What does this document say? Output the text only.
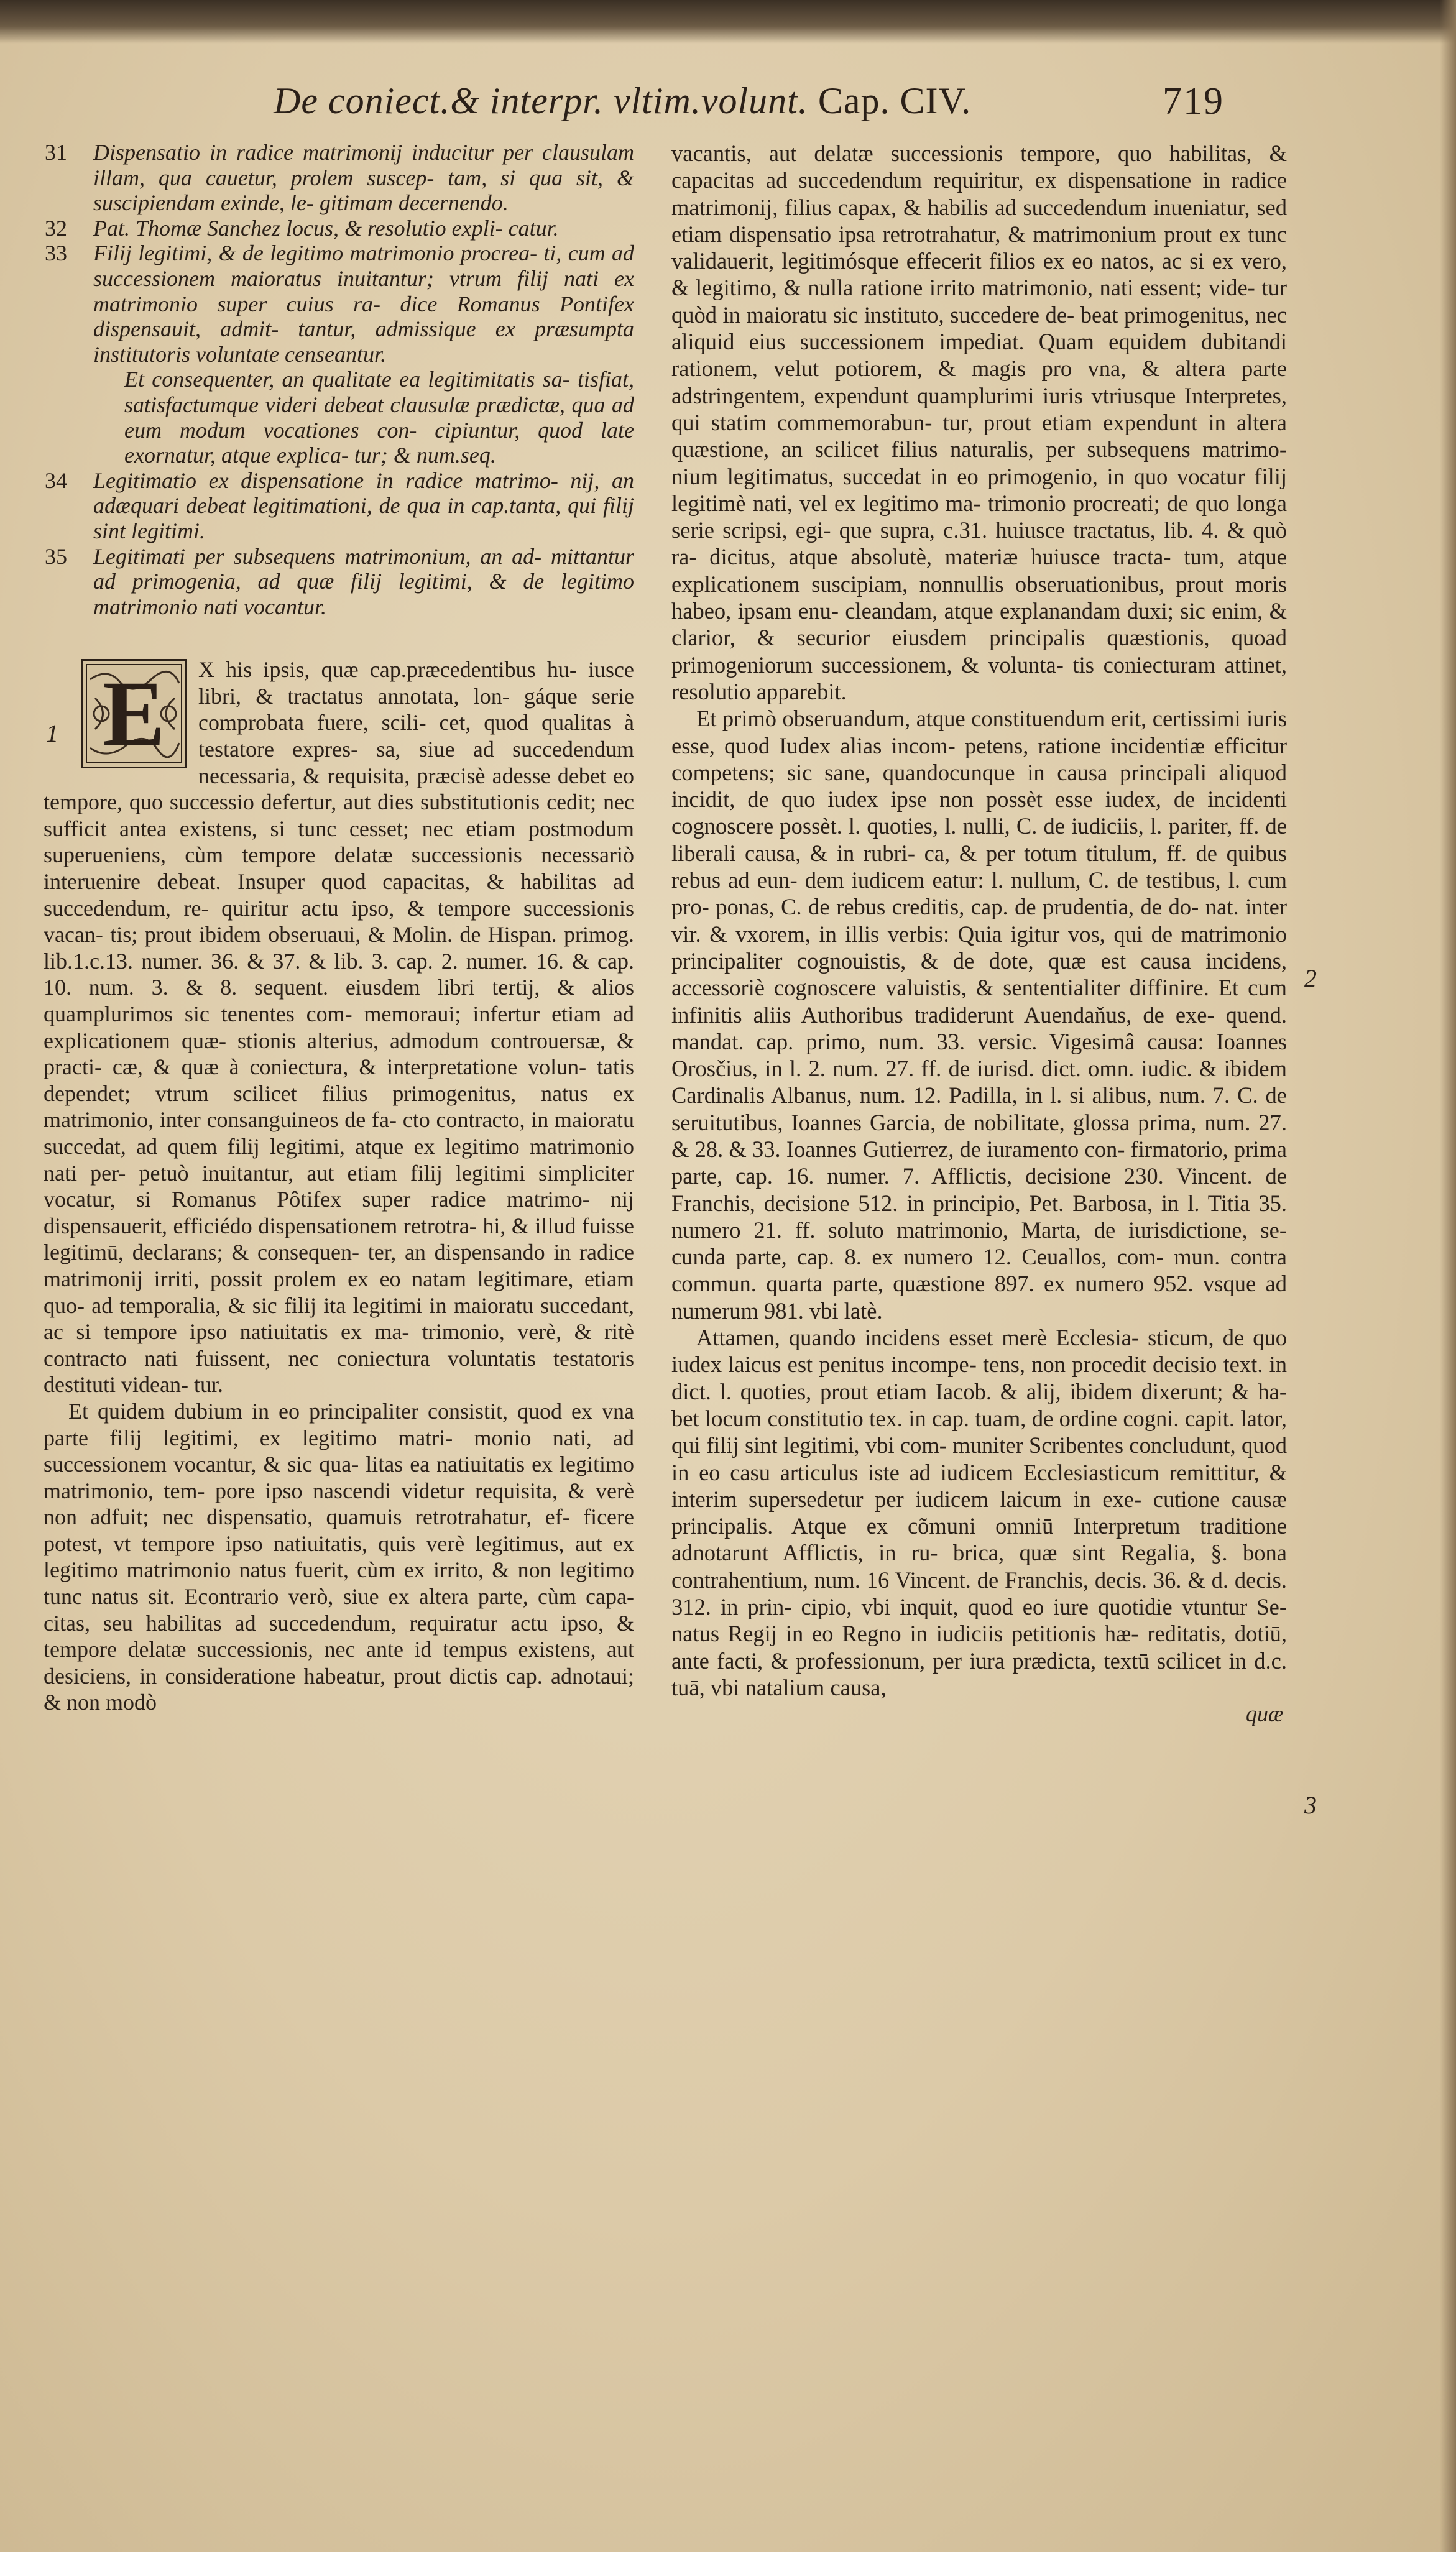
De coniect.& interpr. vltim.volunt. Cap. CIV.	719
31 Dispensatio in radice matrimonij inducitur per clausulam illam, qua cauetur, prolem suscep- tam, si qua sit, & suscipiendam exinde, le- gitimam decernendo.
32 Pat. Thomæ Sanchez locus, & resolutio expli- catur.
33 Filij legitimi, & de legitimo matrimonio procrea- ti, cum ad successionem maioratus inuitantur; vtrum filij nati ex matrimonio super cuius ra- dice Romanus Pontifex dispensauit, admit- tantur, admissique ex præsumpta institutoris voluntate censeantur.
Et consequenter, an qualitate ea legitimitatis sa- tisfiat, satisfactumque videri debeat clausulæ prædictæ, qua ad eum modum vocationes con- cipiuntur, quod late exornatur, atque explica- tur; & num.seq.
34 Legitimatio ex dispensatione in radice matrimo- nij, an adæquari debeat legitimationi, de qua in cap.tanta, qui filij sint legitimi.
35 Legitimati per subsequens matrimonium, an ad- mittantur ad primogenia, ad quæ filij legitimi, & de legitimo matrimonio nati vocantur.
1 E	X his ipsis, quæ cap.præcedentibus hu- iusce libri, & tractatus annotata, lon- gáque serie comprobata fuere, scili- cet, quod qualitas à testatore expres- sa, siue ad succedendum necessaria, & requisita, præcisè adesse debet eo tempore, quo successio defertur, aut dies substitutionis cedit; nec sufficit antea existens, si tunc cesset; nec etiam postmodum superueniens, cùm tempore delatæ successionis necessariò interuenire debeat. Insuper quod capacitas, & habilitas ad succedendum, re- quiritur actu ipso, & tempore successionis vacan- tis; prout ibidem obseruaui, & Molin. de Hispan. primog. lib.1.c.13. numer. 36. & 37. & lib. 3. cap. 2. numer. 16. & cap. 10. num. 3. & 8. sequent. eiusdem libri tertij, & alios quamplurimos sic tenentes com- memoraui; infertur etiam ad explicationem quæ- stionis alterius, admodum controuersæ, & practi- cæ, & quæ à coniectura, & interpretatione volun- tatis dependet; vtrum scilicet filius primogenitus, natus ex matrimonio, inter consanguineos de fa- cto contracto, in maioratu succedat, ad quem filij legitimi, atque ex legitimo matrimonio nati per- petuò inuitantur, aut etiam filij legitimi simpliciter vocatur, si Romanus Pôtifex super radice matrimo- nij dispensauerit, efficiédo dispensationem retrotra- hi, & illud fuisse legitimū, declarans; & consequen- ter, an dispensando in radice matrimonij irriti, possit prolem ex eo natam legitimare, etiam quo- ad temporalia, & sic filij ita legitimi in maioratu succedant, ac si tempore ipso natiuitatis ex ma- trimonio, verè, & ritè contracto nati fuissent, nec coniectura voluntatis testatoris destituti videan- tur.

Et quidem dubium in eo principaliter consistit, quod ex vna parte filij legitimi, ex legitimo matri- monio nati, ad successionem vocantur, & sic qua- litas ea natiuitatis ex legitimo matrimonio, tem- pore ipso nascendi videtur requisita, & verè non adfuit; nec dispensatio, quamuis retrotrahatur, ef- ficere potest, vt tempore ipso natiuitatis, quis verè legitimus, aut ex legitimo matrimonio natus fuerit, cùm ex irrito, & non legitimo tunc natus sit. Econtrario verò, siue ex altera parte, cùm capa- citas, seu habilitas ad succedendum, requiratur actu ipso, & tempore delatæ successionis, nec ante id tempus existens, aut desiciens, in consideratione habeatur, prout dictis cap. adnotaui; & non modò

vacantis, aut delatæ successionis tempore, quo habilitas, & capacitas ad succedendum requiritur, ex dispensatione in radice matrimonij, filius capax, & habilis ad succedendum inueniatur, sed etiam dispensatio ipsa retrotrahatur, & matrimonium prout ex tunc validauerit, legitimósque effecerit filios ex eo natos, ac si ex vero, & legitimo, & nulla ratione irrito matrimonio, nati essent; vide- tur quòd in maioratu sic instituto, succedere de- beat primogenitus, nec aliquid eius successionem impediat. Quam equidem dubitandi rationem, velut potiorem, & magis pro vna, & altera parte adstringentem, expendunt quamplurimi iuris vtriusque Interpretes, qui statim commemorabun- tur, prout etiam expendunt in altera quæstione, an scilicet filius naturalis, per subsequens matrimo- nium legitimatus, succedat in eo primogenio, in quo vocatur filij legitimè nati, vel ex legitimo ma- trimonio procreati; de quo longa serie scripsi, egi- que supra, c.31. huiusce tractatus, lib. 4. & quò ra- dicitus, atque absolutè, materiæ huiusce tracta- tum, atque explicationem suscipiam, nonnullis obseruationibus, prout moris habeo, ipsam enu- cleandam, atque explanandam duxi; sic enim, & clarior, & securior eiusdem principalis quæstionis, quoad primogeniorum successionem, & volunta- tis coniecturam attinet, resolutio apparebit.

Et primò obseruandum, atque constituendum erit, certissimi iuris esse, quod Iudex alias incom- petens, ratione incidentiæ efficitur competens; sic sane, quandocunque in causa principali aliquod incidit, de quo iudex ipse non possèt esse iudex, de incidenti cognoscere possèt. l. quoties, l. nulli, C. de iudiciis, l. pariter, ff. de liberali causa, & in rubri- ca, & per totum titulum, ff. de quibus rebus ad eun- dem iudicem eatur: l. nullum, C. de testibus, l. cum pro- ponas, C. de rebus creditis, cap. de prudentia, de do- nat. inter vir. & vxorem, in illis verbis: Quia igitur vos, qui de matrimonio principaliter cognouistis, & de dote, quæ est causa incidens, accessoriè cognoscere valuistis, & sententialiter diffinire. Et cum infinitis aliis Authoribus tradiderunt Auendaňus, de exe- quend. mandat. cap. primo, num. 33. versic. Vigesimâ causa: Ioannes Orosčius, in l. 2. num. 27. ff. de iurisd. dict. omn. iudic. & ibidem Cardinalis Albanus, num. 12. Padilla, in l. si alibus, num. 7. C. de seruitutibus, Ioannes Garcia, de nobilitate, glossa prima, num. 27. & 28. & 33. Ioannes Gutierrez, de iuramento con- firmatorio, prima parte, cap. 16. numer. 7. Afflictis, decisione 230. Vincent. de Franchis, decisione 512. in principio, Pet. Barbosa, in l. Titia 35. numero 21. ff. soluto matrimonio, Marta, de iurisdictione, se- cunda parte, cap. 8. ex numero 12. Ceuallos, com- mun. contra commun. quarta parte, quæstione 897. ex numero 952. vsque ad numerum 981. vbi latè.

Attamen, quando incidens esset merè Ecclesia- sticum, de quo iudex laicus est penitus incompe- tens, non procedit decisio text. in dict. l. quoties, prout etiam Iacob. & alij, ibidem dixerunt; & ha- bet locum constitutio tex. in cap. tuam, de ordine cogni. capit. lator, qui filij sint legitimi, vbi com- muniter Scribentes concludunt, quod in eo casu articulus iste ad iudicem Ecclesiasticum remittitur, & interim supersedetur per iudicem laicum in exe- cutione causæ principalis. Atque ex cõmuni omniū Interpretum traditione adnotarunt Afflictis, in ru- brica, quæ sint Regalia, §. bona contrahentium, num. 16 Vincent. de Franchis, decis. 36. & d. decis. 312. in prin- cipio, vbi inquit, quod eo iure quotidie vtuntur Se- natus Regij in eo Regno in iudiciis petitionis hæ- reditatis, dotiū, ante facti, & professionum, per iura prædicta, textū scilicet in d.c. tuā, vbi natalium causa,

quæ

2
3
